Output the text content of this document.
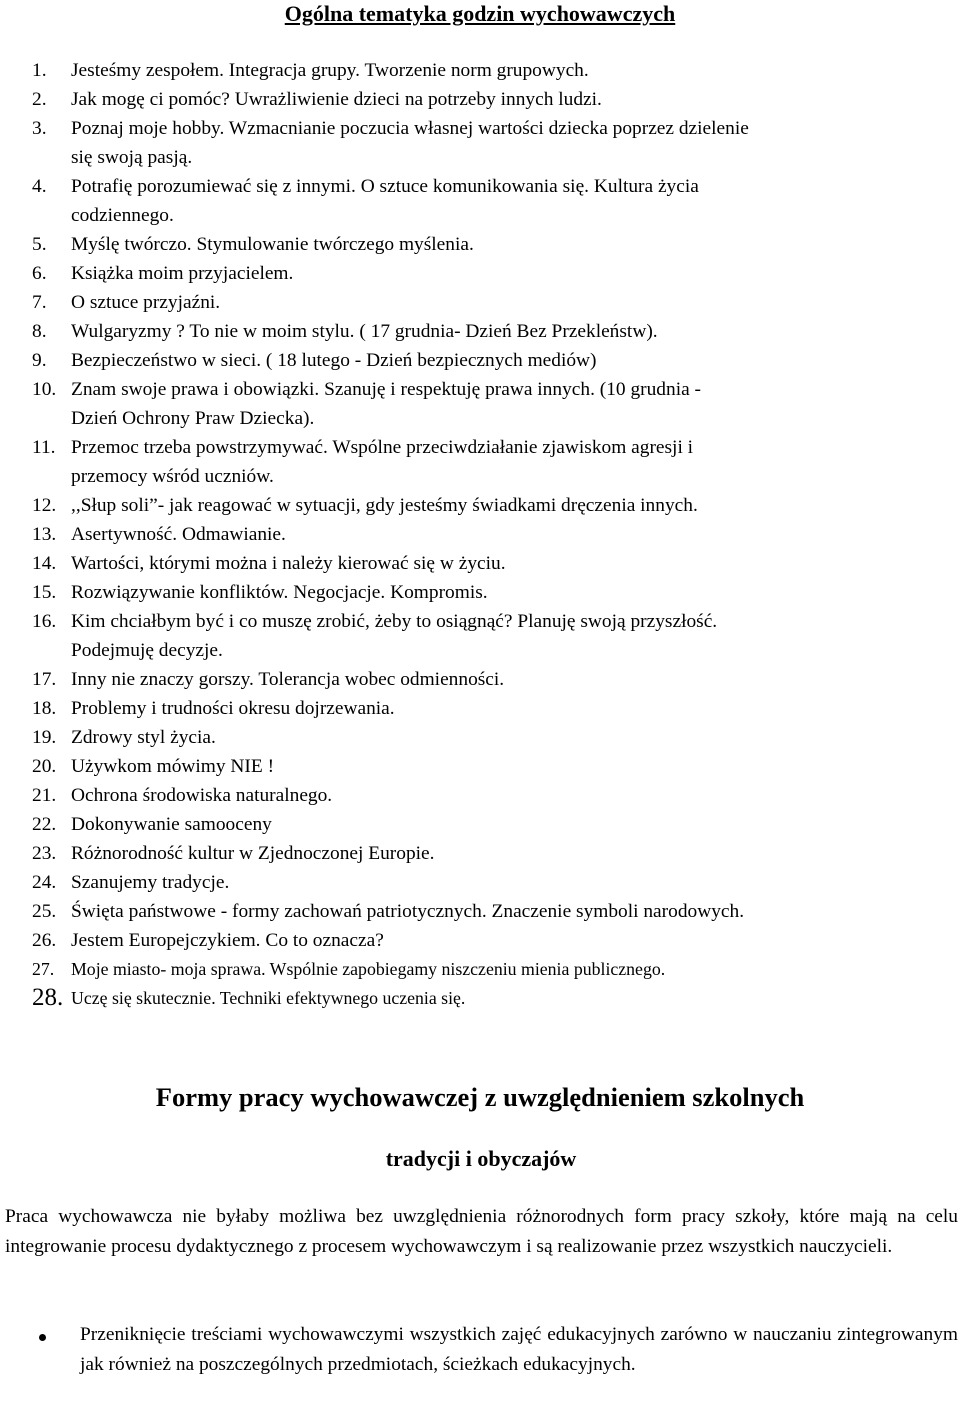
Ogólna tematyka godzin wychowawczych
1. Jesteśmy zespołem. Integracja grupy. Tworzenie norm grupowych.
2. Jak mogę ci pomóc? Uwrażliwienie dzieci na potrzeby innych ludzi.
3. Poznaj moje hobby. Wzmacnianie poczucia własnej wartości dziecka poprzez dzielenie
się swoją pasją.
4. Potrafię porozumiewać się z innymi. O sztuce komunikowania się. Kultura życia
codziennego.
5. Myślę twórczo. Stymulowanie twórczego myślenia.
6. Książka moim przyjacielem.
7. O sztuce przyjaźni.
8. Wulgaryzmy ? To nie w moim stylu. ( 17 grudnia- Dzień Bez Przekleństw).
9. Bezpieczeństwo w sieci. ( 18 lutego - Dzień bezpiecznych mediów)
10. Znam swoje prawa i obowiązki. Szanuję i respektuję prawa innych. (10 grudnia -
Dzień Ochrony Praw Dziecka).
11. Przemoc trzeba powstrzymywać. Wspólne przeciwdziałanie zjawiskom agresji i
przemocy wśród uczniów.
12. ,,Słup soli”- jak reagować w sytuacji, gdy jesteśmy świadkami dręczenia innych.
13. Asertywność. Odmawianie.
14. Wartości, którymi można i należy kierować się w życiu.
15. Rozwiązywanie konfliktów. Negocjacje. Kompromis.
16. Kim chciałbym być i co muszę zrobić, żeby to osiągnąć? Planuję swoją przyszłość.
Podejmuję decyzje.
17. Inny nie znaczy gorszy. Tolerancja wobec odmienności.
18. Problemy i trudności okresu dojrzewania.
19. Zdrowy styl życia.
20. Używkom mówimy NIE !
21. Ochrona środowiska naturalnego.
22. Dokonywanie samooceny
23. Różnorodność kultur w Zjednoczonej Europie.
24. Szanujemy tradycje.
25. Święta państwowe - formy zachowań patriotycznych. Znaczenie symboli narodowych.
26. Jestem Europejczykiem. Co to oznacza?
27. Moje miasto- moja sprawa. Wspólnie zapobiegamy niszczeniu mienia publicznego.
28. Uczę się skutecznie. Techniki efektywnego uczenia się.
Formy pracy wychowawczej z uwzględnieniem szkolnych
tradycji i obyczajów

Praca wychowawcza nie byłaby możliwa bez uwzględnienia różnorodnych form pracy szkoły, które mają na celu integrowanie procesu dydaktycznego z procesem wychowawczym i są realizowanie przez wszystkich nauczycieli.

Przeniknięcie treściami wychowawczymi wszystkich zajęć edukacyjnych zarówno w nauczaniu zintegrowanym jak również na poszczególnych przedmiotach, ścieżkach edukacyjnych.
